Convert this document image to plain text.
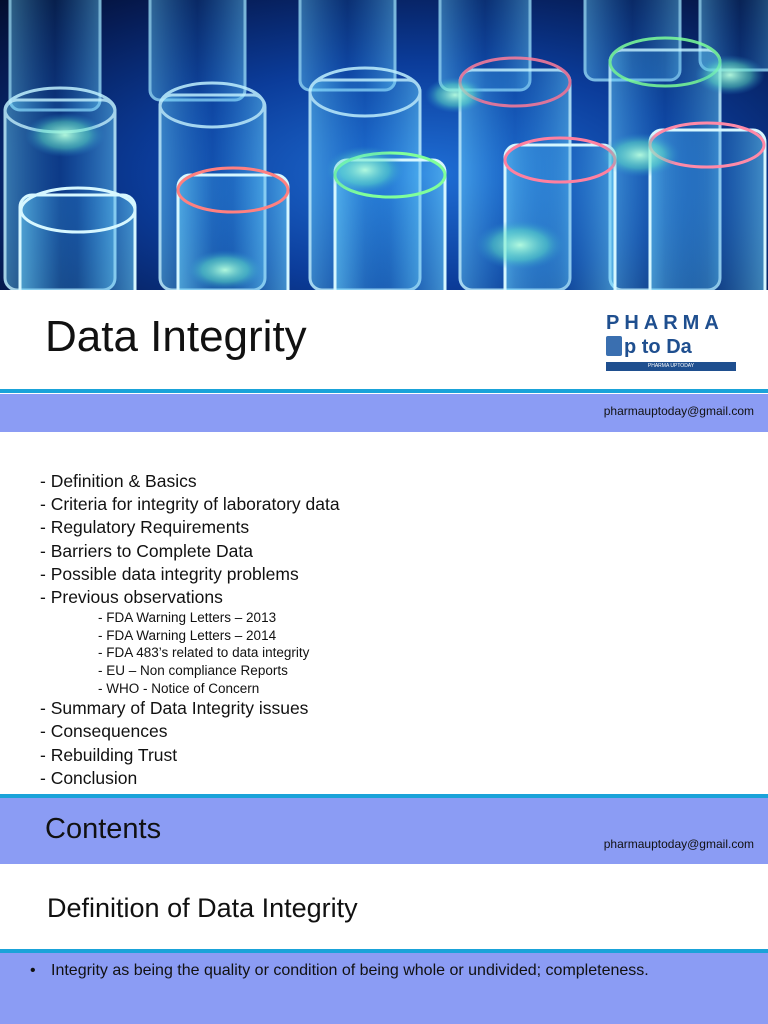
Data Integrity	PHARMA
p to Da
PHARMA UPTODAY
pharmauptoday@gmail.com
- Definition & Basics
- Criteria for integrity of laboratory data
- Regulatory Requirements
- Barriers to Complete Data
- Possible data integrity problems
- Previous observations
- FDA Warning Letters – 2013
- FDA Warning Letters – 2014
- FDA 483’s related to data integrity
- EU – Non compliance Reports
- WHO - Notice of Concern
- Summary of Data Integrity issues
- Consequences
- Rebuilding Trust
- Conclusion
Contents	pharmauptoday@gmail.com
Definition of Data Integrity
• Integrity as being the quality or condition of being whole or undivided; completeness.
